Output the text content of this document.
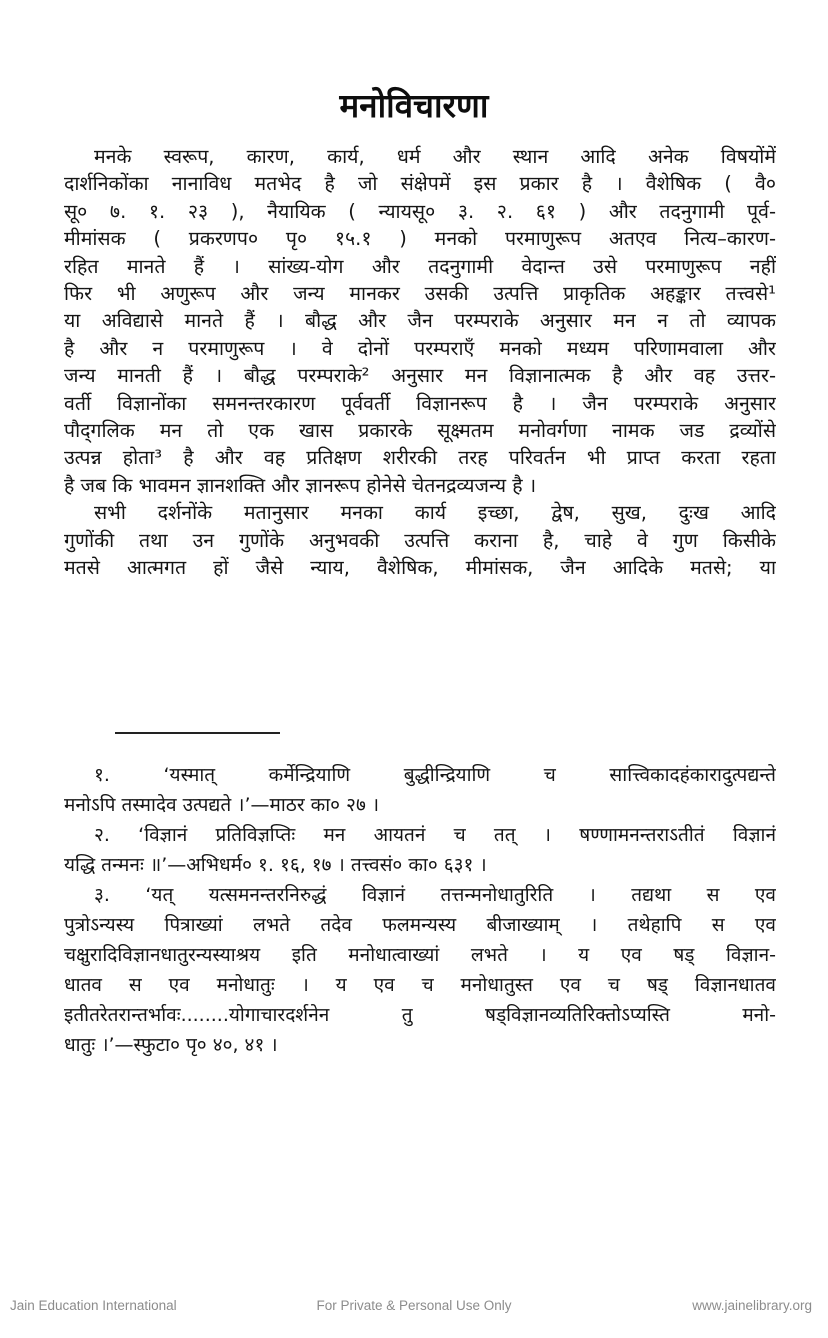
मनोविचारणा
मनके स्वरूप, कारण, कार्य, धर्म और स्थान आदि अनेक विषयोंमें
दार्शनिकोंका नानाविध मतभेद है जो संक्षेपमें इस प्रकार है । वैशेषिक ( वै०
सू० ७. १. २३ ), नैयायिक ( न्यायसू० ३. २. ६१ ) और तदनुगामी पूर्व-
मीमांसक ( प्रकरणप० पृ० १५.१ ) मनको परमाणुरूप अतएव नित्य–कारण-
रहित मानते हैं । सांख्य-योग और तदनुगामी वेदान्त उसे परमाणुरूप नहीं
फिर भी अणुरूप और जन्य मानकर उसकी उत्पत्ति प्राकृतिक अहङ्कार तत्त्वसे¹
या अविद्यासे मानते हैं । बौद्ध और जैन परम्पराके अनुसार मन न तो व्यापक
है और न परमाणुरूप । वे दोनों परम्पराएँ मनको मध्यम परिणामवाला और
जन्य मानती हैं । बौद्ध परम्पराके² अनुसार मन विज्ञानात्मक है और वह उत्तर-
वर्ती विज्ञानोंका समनन्तरकारण पूर्ववर्ती विज्ञानरूप है । जैन परम्पराके अनुसार
पौद्‌गलिक मन तो एक खास प्रकारके सूक्ष्मतम मनोवर्गणा नामक जड द्रव्योंसे
उत्पन्न होता³ है और वह प्रतिक्षण शरीरकी तरह परिवर्तन भी प्राप्त करता रहता
है जब कि भावमन ज्ञानशक्ति और ज्ञानरूप होनेसे चेतनद्रव्यजन्य है ।
सभी दर्शनोंके मतानुसार मनका कार्य इच्छा, द्वेष, सुख, दुःख आदि
गुणोंकी तथा उन गुणोंके अनुभवकी उत्पत्ति कराना है, चाहे वे गुण किसीके
मतसे आत्मगत हों जैसे न्याय, वैशेषिक, मीमांसक, जैन आदिके मतसे; या
१. ‘यस्मात् कर्मेन्द्रियाणि बुद्धीन्द्रियाणि च सात्त्विकादहंकारादुत्पद्यन्ते
मनोऽपि तस्मादेव उत्पद्यते ।’—माठर का० २७ ।
२. ‘विज्ञानं प्रतिविज्ञप्तिः मन आयतनं च तत् । षण्णामनन्तराऽतीतं विज्ञानं
यद्धि तन्मनः ॥’—अभिधर्म० १. १६, १७ । तत्त्वसं० का० ६३१ ।
३. ‘यत् यत्समनन्तरनिरुद्धं विज्ञानं तत्तन्मनोधातुरिति । तद्यथा स एव
पुत्रोऽन्यस्य पित्राख्यां लभते तदेव फलमन्यस्य बीजाख्याम् । तथेहापि स एव
चक्षुरादिविज्ञानधातुरन्यस्याश्रय इति मनोधात्वाख्यां लभते । य एव षड् विज्ञान-
धातव स एव मनोधातुः । य एव च मनोधातुस्त एव च षड् विज्ञानधातव
इतीतरेतरान्तर्भावः........योगाचारदर्शनेन तु षड्विज्ञानव्यतिरिक्तोऽप्यस्ति मनो-
धातुः ।’—स्फुटा० पृ० ४०, ४१ ।
Jain Education International	For Private & Personal Use Only	www.jainelibrary.org
